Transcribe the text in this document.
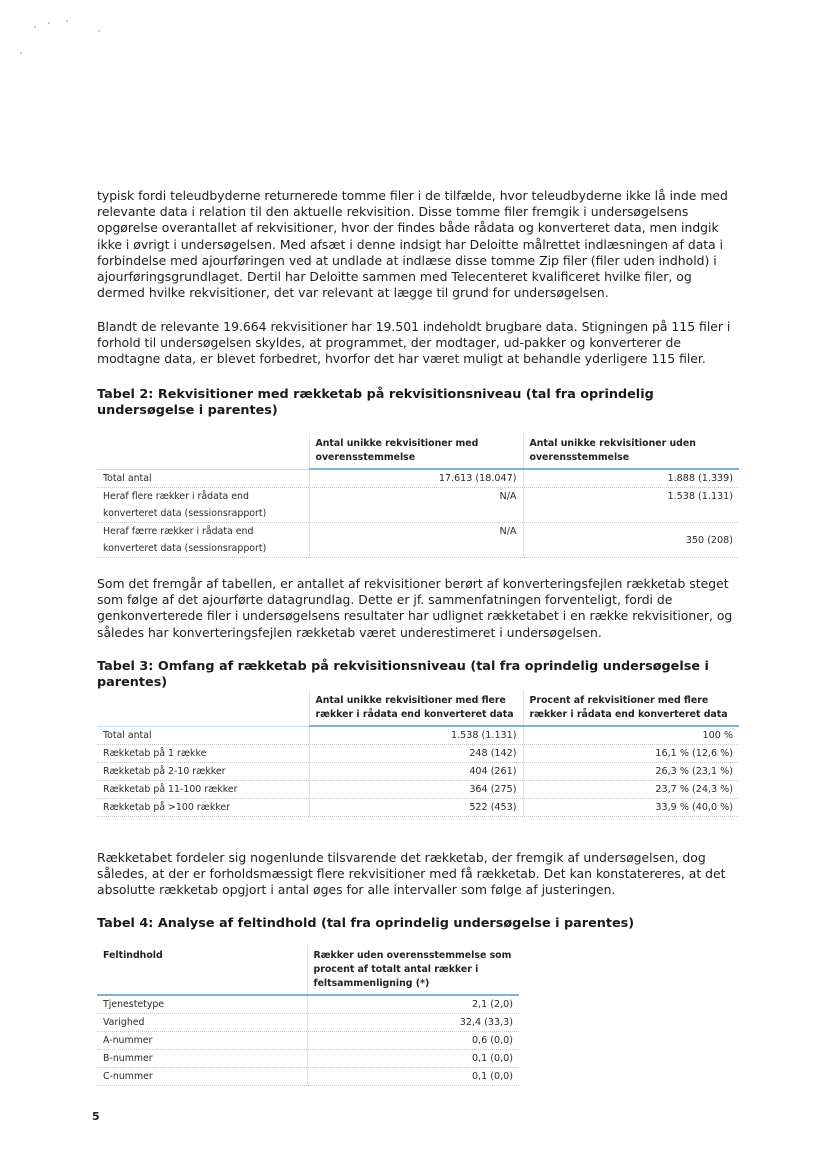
typisk fordi teleudbyderne returnerede tomme filer i de tilfælde, hvor teleudbyderne ikke lå inde med relevante data i relation til den aktuelle rekvisition. Disse tomme filer fremgik i undersøgelsens opgørelse overantallet af rekvisitioner, hvor der findes både rådata og konverteret data, men indgik ikke i øvrigt i undersøgelsen. Med afsæt i denne indsigt har Deloitte målrettet indlæsningen af data i forbindelse med ajourføringen ved at undlade at indlæse disse tomme Zip filer (filer uden indhold) i ajourføringsgrundlaget. Dertil har Deloitte sammen med Telecenteret kvalificeret hvilke filer, og dermed hvilke rekvisitioner, det var relevant at lægge til grund for undersøgelsen.

Blandt de relevante 19.664 rekvisitioner har 19.501 indeholdt brugbare data. Stigningen på 115 filer i forhold til undersøgelsen skyldes, at programmet, der modtager, ud-pakker og konverterer de modtagne data, er blevet forbedret, hvorfor det har været muligt at behandle yderligere 115 filer.

Tabel 2: Rekvisitioner med rækketab på rekvisitionsniveau (tal fra oprindelig undersøgelse i parentes)

	Antal unikke rekvisitioner med overensstemmelse	Antal unikke rekvisitioner uden overensstemmelse
Total antal	17.613 (18.047)	1.888 (1.339)
Heraf flere rækker i rådata end konverteret data (sessionsrapport)	N/A	1.538 (1.131)
Heraf færre rækker i rådata end konverteret data (sessionsrapport)	N/A	350 (208)

Som det fremgår af tabellen, er antallet af rekvisitioner berørt af konverteringsfejlen rækketab steget som følge af det ajourførte datagrundlag. Dette er jf. sammenfatningen forventeligt, fordi de genkonverterede filer i undersøgelsens resultater har udlignet rækketabet i en række rekvisitioner, og således har konverteringsfejlen rækketab været underestimeret i undersøgelsen.

Tabel 3: Omfang af rækketab på rekvisitionsniveau (tal fra oprindelig undersøgelse i parentes)

	Antal unikke rekvisitioner med flere rækker i rådata end konverteret data	Procent af rekvisitioner med flere rækker i rådata end konverteret data
Total antal	1.538 (1.131)	100 %
Rækketab på 1 række	248 (142)	16,1 % (12,6 %)
Rækketab på 2-10 rækker	404 (261)	26,3 % (23,1 %)
Rækketab på 11-100 rækker	364 (275)	23,7 % (24,3 %)
Rækketab på >100 rækker	522 (453)	33,9 % (40,0 %)

Rækketabet fordeler sig nogenlunde tilsvarende det rækketab, der fremgik af undersøgelsen, dog således, at der er forholdsmæssigt flere rekvisitioner med få rækketab. Det kan konstatereres, at det absolutte rækketab opgjort i antal øges for alle intervaller som følge af justeringen.

Tabel 4: Analyse af feltindhold (tal fra oprindelig undersøgelse i parentes)

Feltindhold	Rækker uden overensstemmelse som procent af totalt antal rækker i feltsammenligning (*)
Tjenestetype	2,1 (2,0)
Varighed	32,4 (33,3)
A-nummer	0,6 (0,0)
B-nummer	0,1 (0,0)
C-nummer	0,1 (0,0)
5
